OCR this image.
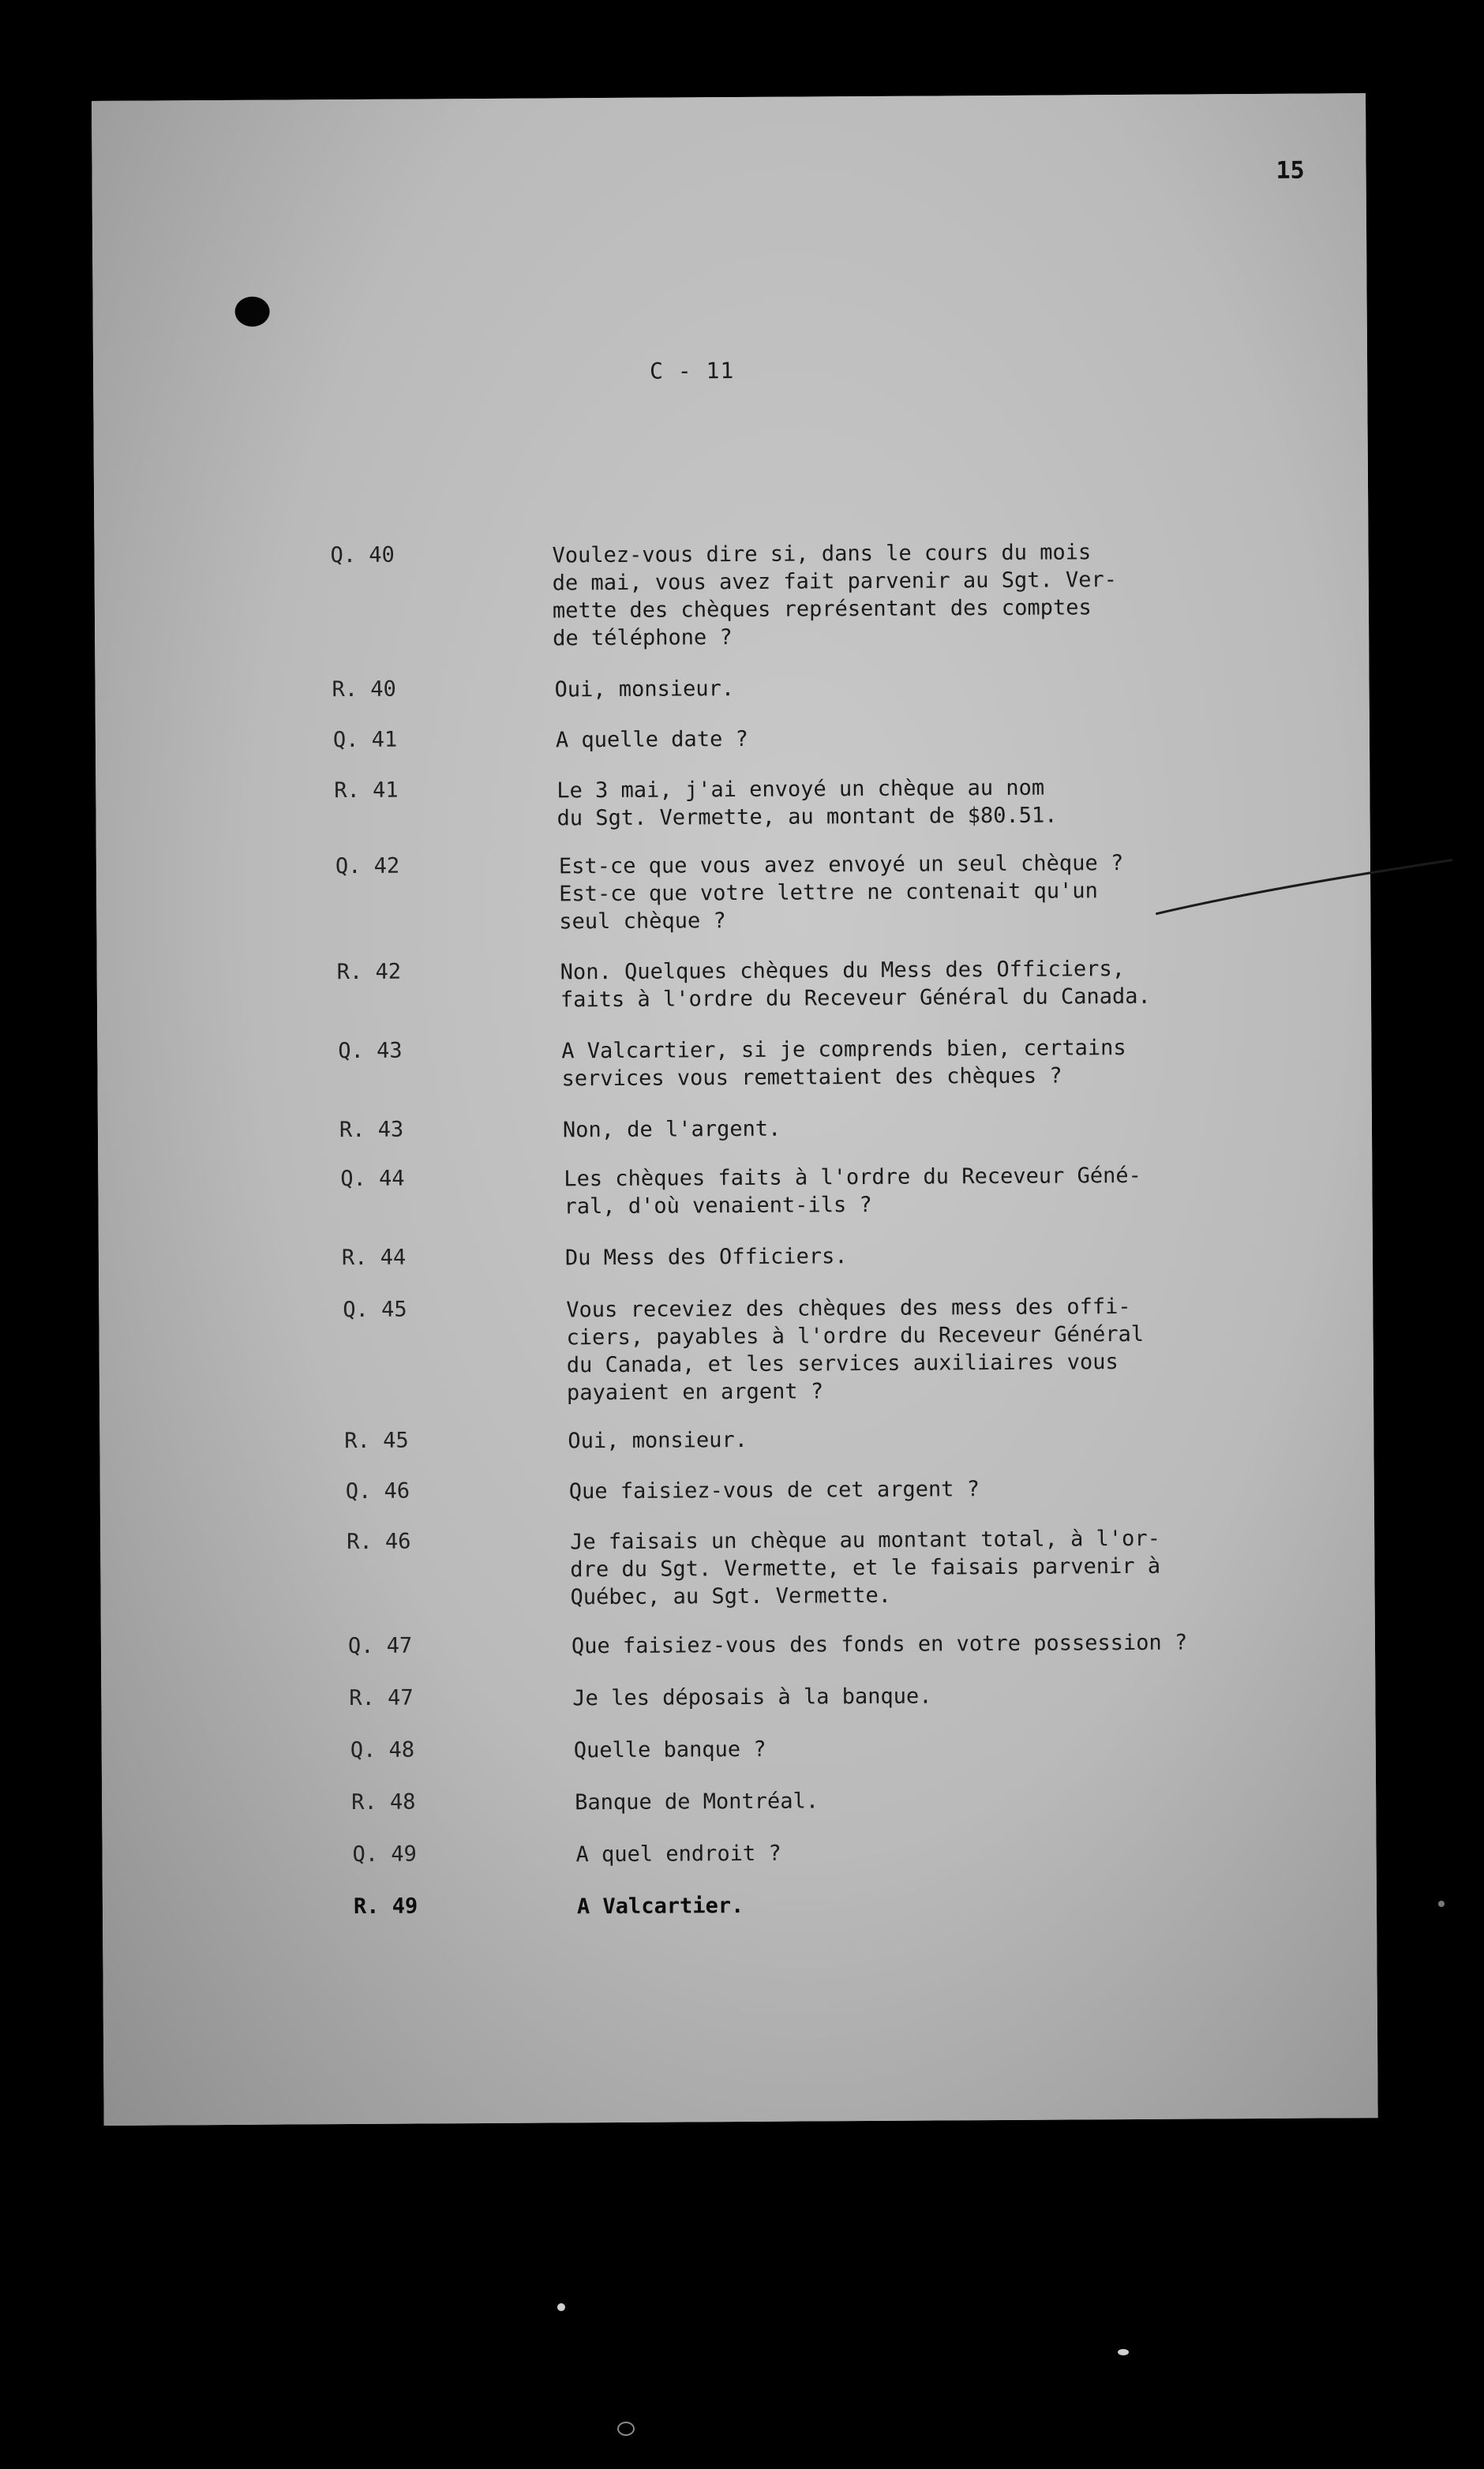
15
C - 11
Q. 40	Voulez-vous dire si, dans le cours du mois
de mai, vous avez fait parvenir au Sgt. Ver-
mette des chèques représentant des comptes
de téléphone ?
R. 40	Oui, monsieur.
Q. 41	A quelle date ?
R. 41	Le 3 mai, j'ai envoyé un chèque au nom
du Sgt. Vermette, au montant de $80.51.
Q. 42	Est-ce que vous avez envoyé un seul chèque ?
Est-ce que votre lettre ne contenait qu'un
seul chèque ?
R. 42	Non. Quelques chèques du Mess des Officiers,
faits à l'ordre du Receveur Général du Canada.
Q. 43	A Valcartier, si je comprends bien, certains
services vous remettaient des chèques ?
R. 43	Non, de l'argent.
Q. 44	Les chèques faits à l'ordre du Receveur Géné-
ral, d'où venaient-ils ?
R. 44	Du Mess des Officiers.
Q. 45	Vous receviez des chèques des mess des offi-
ciers, payables à l'ordre du Receveur Général
du Canada, et les services auxiliaires vous
payaient en argent ?
R. 45	Oui, monsieur.
Q. 46	Que faisiez-vous de cet argent ?
R. 46	Je faisais un chèque au montant total, à l'or-
dre du Sgt. Vermette, et le faisais parvenir à
Québec, au Sgt. Vermette.
Q. 47	Que faisiez-vous des fonds en votre possession ?
R. 47	Je les déposais à la banque.
Q. 48	Quelle banque ?
R. 48	Banque de Montréal.
Q. 49	A quel endroit ?
R. 49	A Valcartier.
